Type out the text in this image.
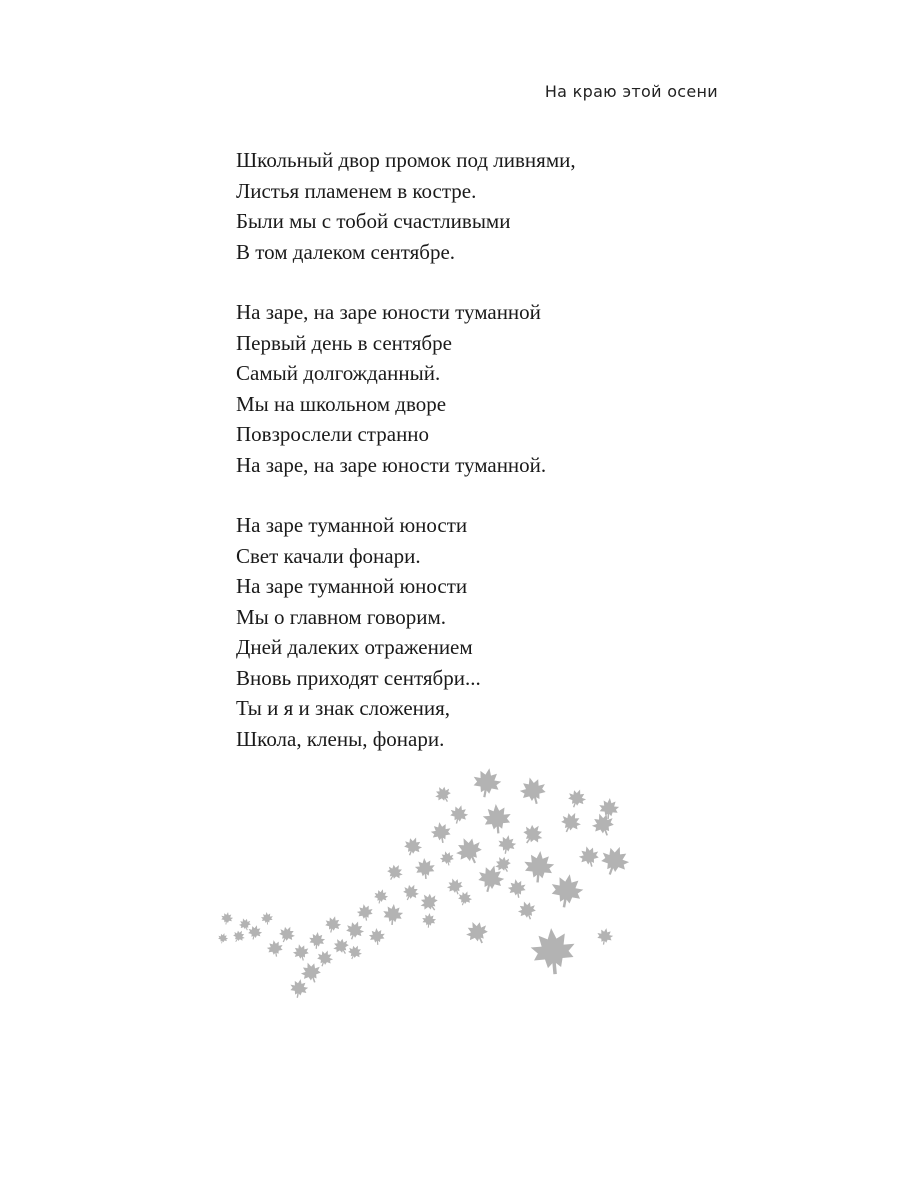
На краю этой осени
Школьный двор промок под ливнями,
Листья пламенем в костре.
Были мы с тобой счастливыми
В том далеком сентябре.
На заре, на заре юности туманной
Первый день в сентябре
Самый долгожданный.
Мы на школьном дворе
Повзрослели странно
На заре, на заре юности туманной.
На заре туманной юности
Свет качали фонари.
На заре туманной юности
Мы о главном говорим.
Дней далеких отражением
Вновь приходят сентябри...
Ты и я и знак сложения,
Школа, клены, фонари.
